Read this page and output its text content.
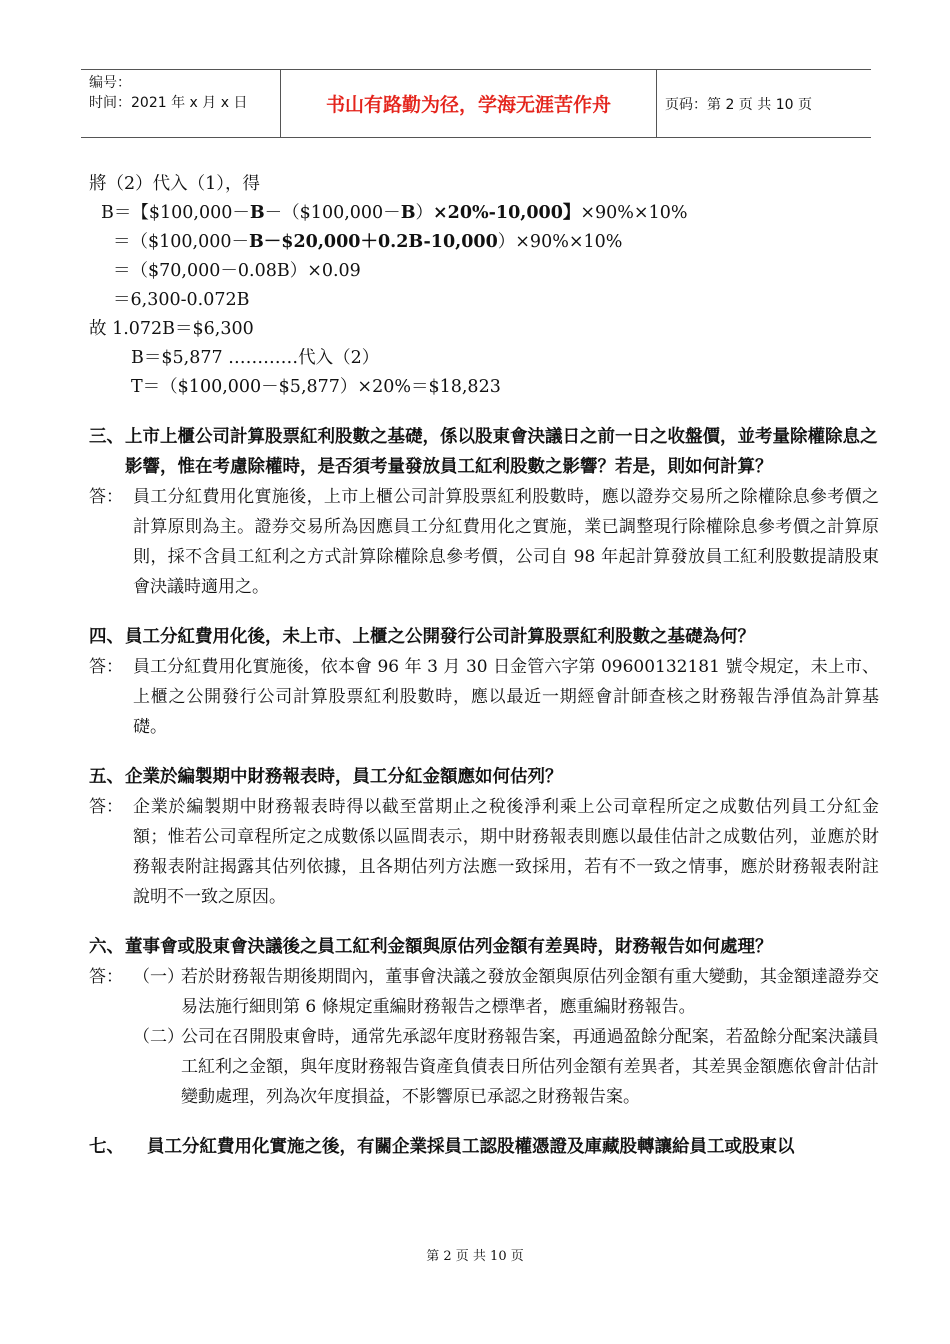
编号：
时间：2021 年 x 月 x 日	书山有路勤为径，学海无涯苦作舟	页码：第 2 页 共 10 页
將（2）代入（1），得
B＝【$100,000－B－（$100,000－B）×20%-10,000】×90%×10%
＝（$100,000－B－$20,000＋0.2B-10,000）×90%×10%
＝（$70,000－0.08B）×0.09
＝6,300-0.072B
故 1.072B＝$6,300
B＝$5,877 …………代入（2）
T＝（$100,000－$5,877）×20%＝$18,823
三、 上市上櫃公司計算股票紅利股數之基礎，係以股東會決議日之前一日之收盤價，並考量除權除息之影響，惟在考慮除權時，是否須考量發放員工紅利股數之影響？若是，則如何計算？
答： 員工分紅費用化實施後，上市上櫃公司計算股票紅利股數時，應以證券交易所之除權除息參考價之計算原則為主。證券交易所為因應員工分紅費用化之實施，業已調整現行除權除息參考價之計算原則，採不含員工紅利之方式計算除權除息參考價，公司自 98 年起計算發放員工紅利股數提請股東會決議時適用之。
四、 員工分紅費用化後，未上市、上櫃之公開發行公司計算股票紅利股數之基礎為何？
答： 員工分紅費用化實施後，依本會 96 年 3 月 30 日金管六字第 09600132181 號令規定，未上市、上櫃之公開發行公司計算股票紅利股數時，應以最近一期經會計師查核之財務報告淨值為計算基礎。
五、 企業於編製期中財務報表時，員工分紅金額應如何估列？
答： 企業於編製期中財務報表時得以截至當期止之稅後淨利乘上公司章程所定之成數估列員工分紅金額；惟若公司章程所定之成數係以區間表示，期中財務報表則應以最佳估計之成數估列，並應於財務報表附註揭露其估列依據，且各期估列方法應一致採用，若有不一致之情事，應於財務報表附註說明不一致之原因。
六、 董事會或股東會決議後之員工紅利金額與原估列金額有差異時，財務報告如何處理？
答： （一）
若於財務報告期後期間內，董事會決議之發放金額與原估列金額有重大變動，其金額達證券交易法施行細則第 6 條規定重編財務報告之標準者，應重編財務報告。
（二）
公司在召開股東會時，通常先承認年度財務報告案，再通過盈餘分配案，若盈餘分配案決議員工紅利之金額，與年度財務報告資產負債表日所估列金額有差異者，其差異金額應依會計估計變動處理，列為次年度損益，不影響原已承認之財務報告案。
七、	員工分紅費用化實施之後，有關企業採員工認股權憑證及庫藏股轉讓給員工或股東以
第 2 页 共 10 页
